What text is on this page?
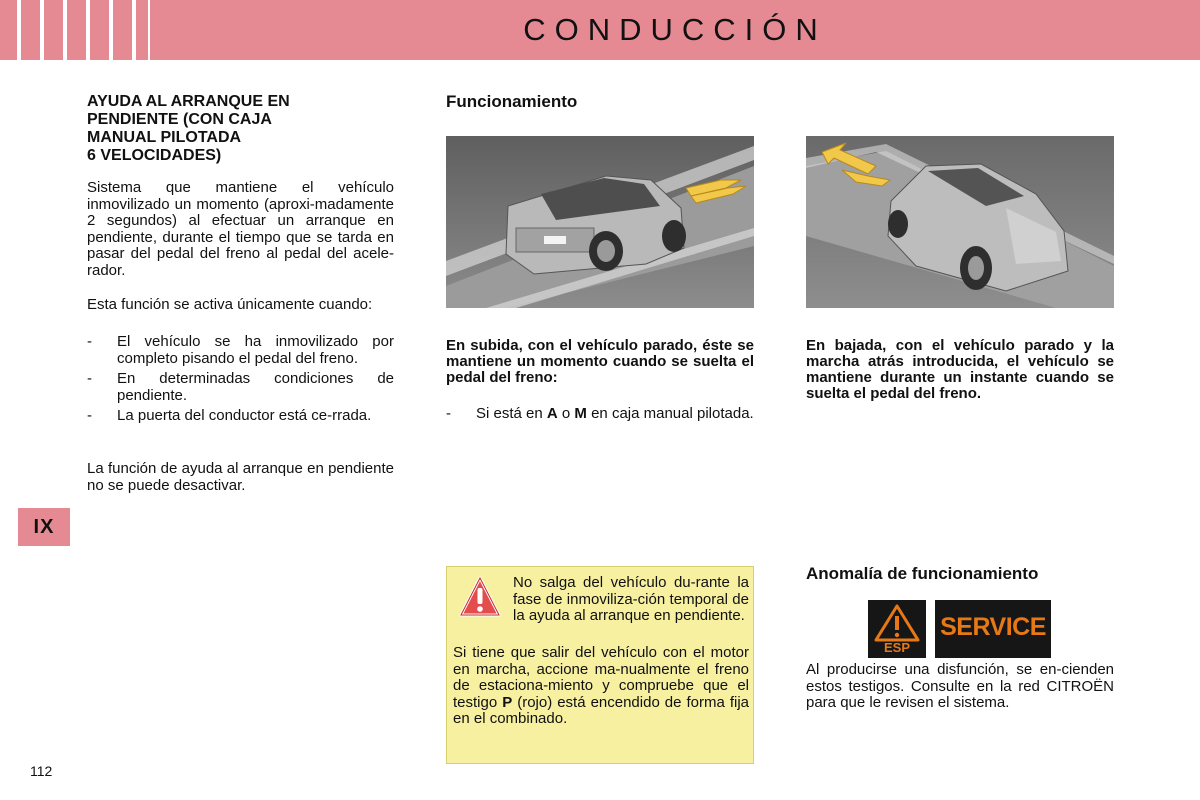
CONDUCCIÓN
IX
112
AYUDA AL ARRANQUE EN
PENDIENTE (CON CAJA
MANUAL PILOTADA
6 VELOCIDADES)

Sistema que mantiene el vehículo inmovilizado un momento (aproxi-madamente 2 segundos) al efectuar un arranque en pendiente, durante el tiempo que se tarda en pasar del pedal del freno al pedal del acele-rador.

Esta función se activa únicamente cuando:

- El vehículo se ha inmovilizado por completo pisando el pedal del freno.
- En determinadas condiciones de pendiente.
- La puerta del conductor está ce-rrada.

La función de ayuda al arranque en pendiente no se puede desactivar.

Funcionamiento

En subida, con el vehículo parado, éste se mantiene un momento cuando se suelta el pedal del freno:

- Si está en A o M en caja manual pilotada.

No salga del vehículo du-rante la fase de inmoviliza-ción temporal de la ayuda al arranque en pendiente.

Si tiene que salir del vehículo con el motor en marcha, accione ma-nualmente el freno de estaciona-miento y compruebe que el testigo P (rojo) está encendido de forma fija en el combinado.

En bajada, con el vehículo parado y la marcha atrás introducida, el vehículo se mantiene durante un instante cuando se suelta el pedal del freno.

Anomalía de funcionamiento
ESP
SERVICE

Al producirse una disfunción, se en-cienden estos testigos. Consulte en la red CITROËN para que le revisen el sistema.
